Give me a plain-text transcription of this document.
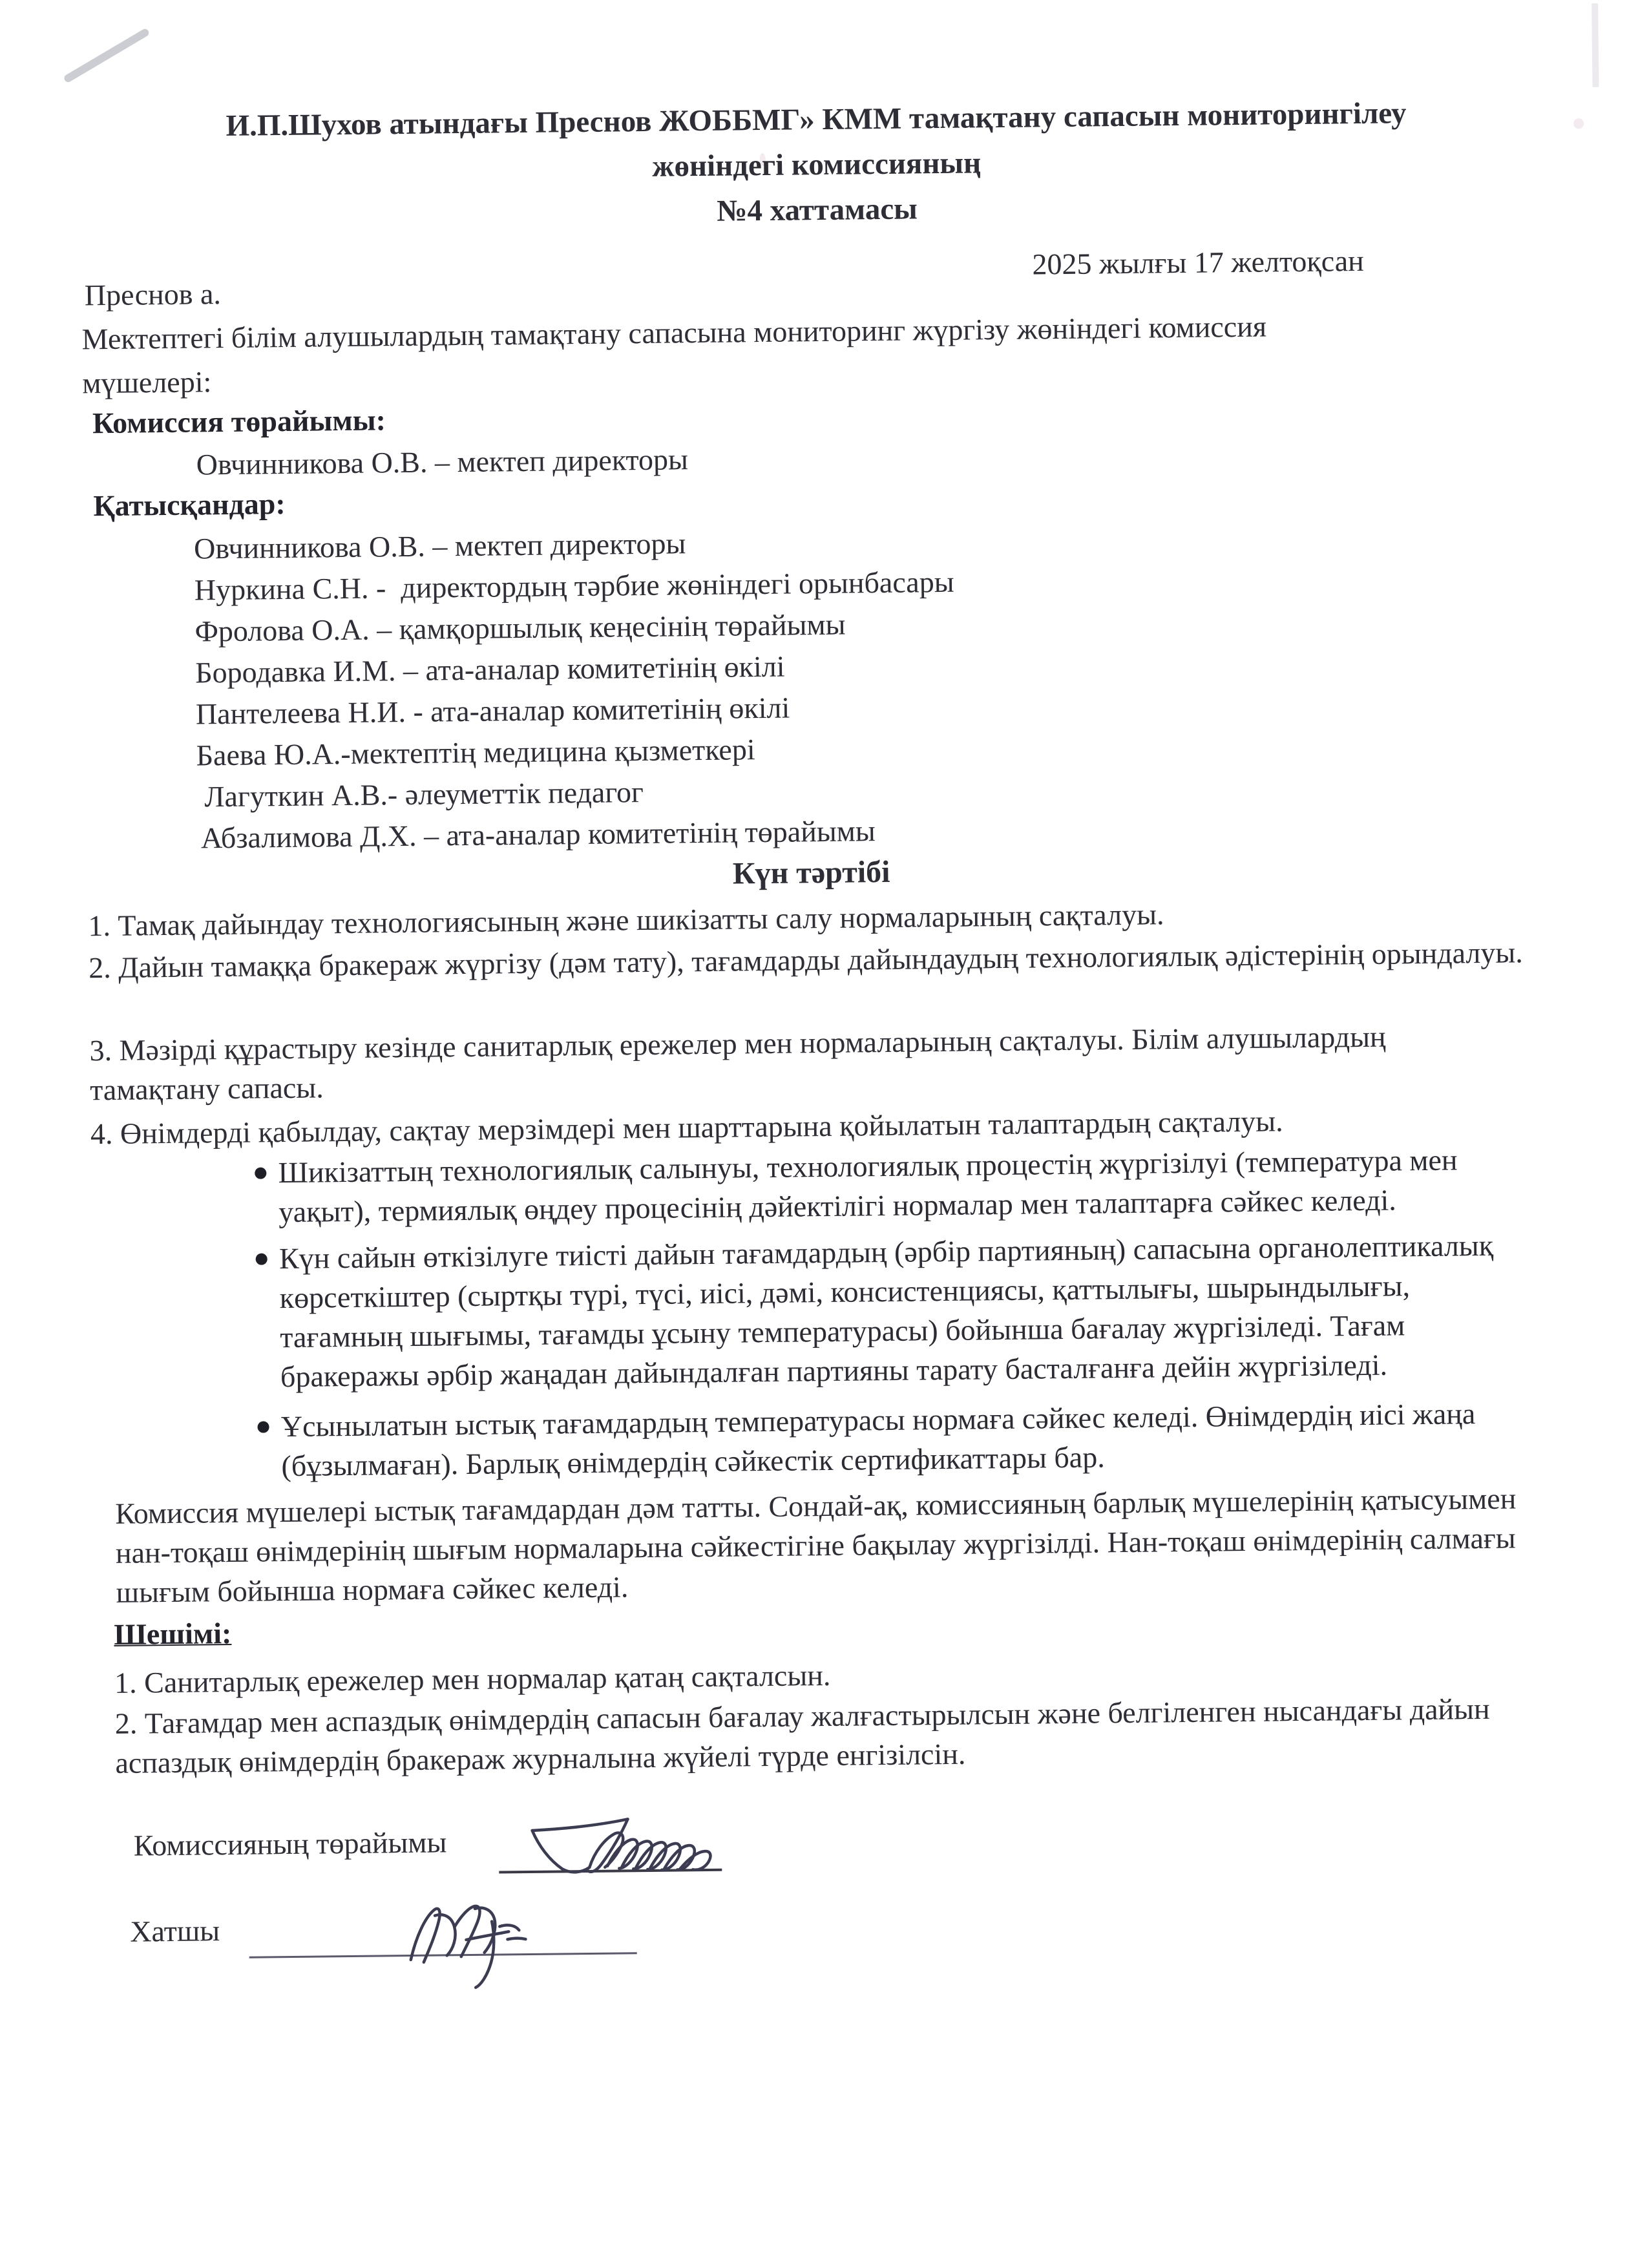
И.П.Шухов атындағы Преснов ЖОББМГ» КММ тамақтану сапасын мониторингілеу
жөніндегі комиссияның
№4 хаттамасы
2025 жылғы 17 желтоқсан
Преснов а.
Мектептегі білім алушылардың тамақтану сапасына мониторинг жүргізу жөніндегі комиссия
мүшелері:
Комиссия төрайымы:
Овчинникова О.В. – мектеп директоры
Қатысқандар:
Овчинникова О.В. – мектеп директоры
Нуркина С.Н. -  директордың тәрбие жөніндегі орынбасары
Фролова О.А. – қамқоршылық кеңесінің төрайымы
Бородавка И.М. – ата-аналар комитетінің өкілі
Пантелеева Н.И. - ата-аналар комитетінің өкілі
Баева Ю.А.-мектептің медицина қызметкері
Лагуткин А.В.- әлеуметтік педагог
Абзалимова Д.Х. – ата-аналар комитетінің төрайымы
Күн тәртібі
1. Тамақ дайындау технологиясының және шикізатты салу нормаларының сақталуы.
2. Дайын тамаққа бракераж жүргізу (дәм тату), тағамдарды дайындаудың технологиялық әдістерінің орындалуы.
3. Мәзірді құрастыру кезінде санитарлық ережелер мен нормаларының сақталуы. Білім алушылардың тамақтану сапасы.
4. Өнімдерді қабылдау, сақтау мерзімдері мен шарттарына қойылатын талаптардың сақталуы.
● Шикізаттың технологиялық салынуы, технологиялық процестің жүргізілуі (температура мен уақыт), термиялық өңдеу процесінің дәйектілігі нормалар мен талаптарға сәйкес келеді.
● Күн сайын өткізілуге тиісті дайын тағамдардың (әрбір партияның) сапасына органолептикалық көрсеткіштер (сыртқы түрі, түсі, иісі, дәмі, консистенциясы, қаттылығы, шырындылығы, тағамның шығымы, тағамды ұсыну температурасы) бойынша бағалау жүргізіледі. Тағам бракеражы әрбір жаңадан дайындалған партияны тарату басталғанға дейін жүргізіледі.
● Ұсынылатын ыстық тағамдардың температурасы нормаға сәйкес келеді. Өнімдердің иісі жаңа (бұзылмаған). Барлық өнімдердің сәйкестік сертификаттары бар.
Комиссия мүшелері ыстық тағамдардан дәм татты. Сондай-ақ, комиссияның барлық мүшелерінің қатысуымен нан-тоқаш өнімдерінің шығым нормаларына сәйкестігіне бақылау жүргізілді. Нан-тоқаш өнімдерінің салмағы шығым бойынша нормаға сәйкес келеді.
Шешімі:
1. Санитарлық ережелер мен нормалар қатаң сақталсын.
2. Тағамдар мен аспаздық өнімдердің сапасын бағалау жалғастырылсын және белгіленген нысандағы дайын аспаздық өнімдердің бракераж журналына жүйелі түрде енгізілсін.
Комиссияның төрайымы
Хатшы
